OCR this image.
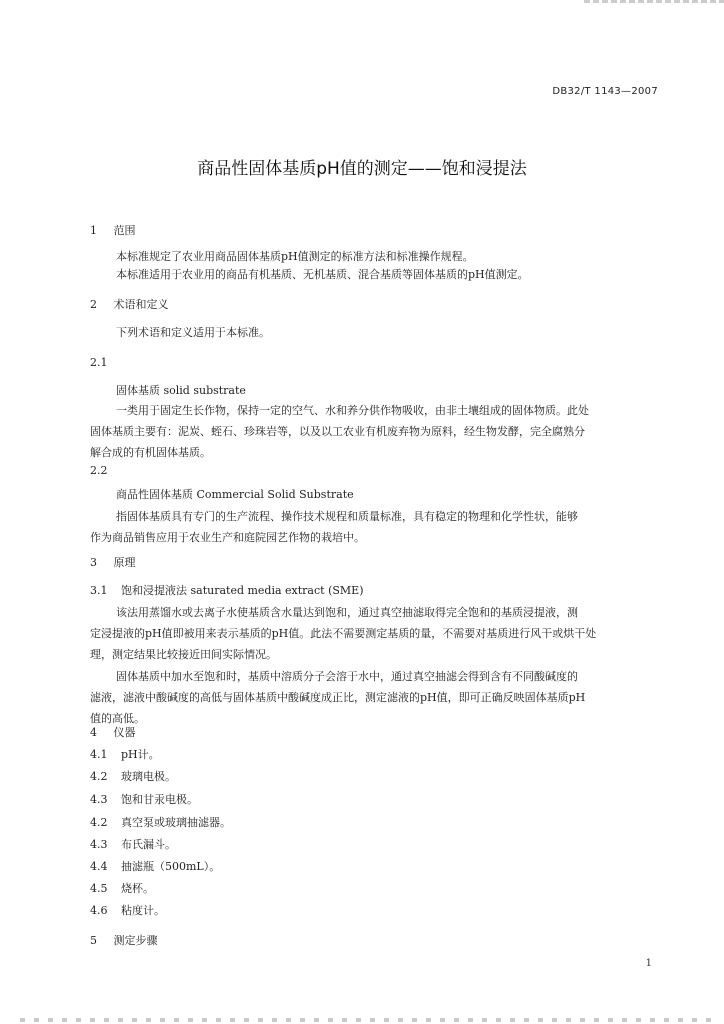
DB32/T 1143—2007
商品性固体基质pH值的测定——饱和浸提法
1 范围
本标准规定了农业用商品固体基质pH值测定的标准方法和标准操作规程。
本标准适用于农业用的商品有机基质、无机基质、混合基质等固体基质的pH值测定。
2 术语和定义
下列术语和定义适用于本标准。
2.1
固体基质 solid substrate
一类用于固定生长作物，保持一定的空气、水和养分供作物吸收，由非土壤组成的固体物质。此处
固体基质主要有：泥炭、蛭石、珍珠岩等，以及以工农业有机废弃物为原料，经生物发酵，完全腐熟分
解合成的有机固体基质。
2.2
商品性固体基质 Commercial Solid Substrate
指固体基质具有专门的生产流程、操作技术规程和质量标准，具有稳定的物理和化学性状，能够
作为商品销售应用于农业生产和庭院园艺作物的栽培中。
3 原理
3.1 饱和浸提液法 saturated media extract (SME)
该法用蒸馏水或去离子水使基质含水量达到饱和，通过真空抽滤取得完全饱和的基质浸提液，测
定浸提液的pH值即被用来表示基质的pH值。此法不需要测定基质的量，不需要对基质进行风干或烘干处
理，测定结果比较接近田间实际情况。
固体基质中加水至饱和时，基质中溶质分子会溶于水中，通过真空抽滤会得到含有不同酸碱度的
滤液，滤液中酸碱度的高低与固体基质中酸碱度成正比，测定滤液的pH值，即可正确反映固体基质pH
值的高低。
4 仪器
4.1 pH计。
4.2 玻璃电极。
4.3 饱和甘汞电极。
4.2 真空泵或玻璃抽滤器。
4.3 布氏漏斗。
4.4 抽滤瓶（500mL）。
4.5 烧杯。
4.6 粘度计。
5 测定步骤
1
